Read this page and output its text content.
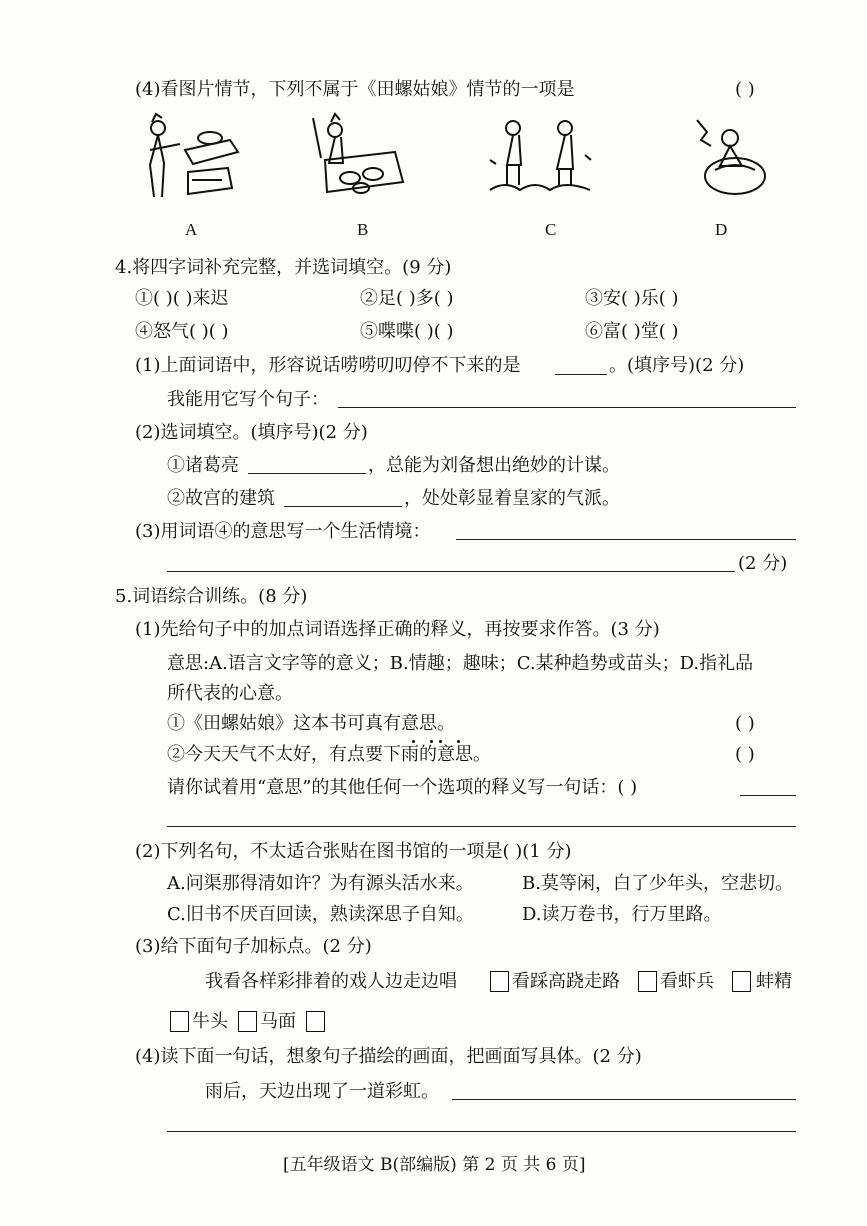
(4)看图片情节，下列不属于《田螺姑娘》情节的一项是	( )
A	B	C	D
4.将四字词补充完整，并选词填空。(9 分)
①( )( )来迟	②足( )多( )	③安( )乐( )
④怒气( )( )	⑤喋喋( )( )	⑥富( )堂( )
(1)上面词语中，形容说话唠唠叨叨停不下来的是	。(填序号)(2 分)
我能用它写个句子：
(2)选词填空。(填序号)(2 分)
①诸葛亮	，总能为刘备想出绝妙的计谋。
②故宫的建筑	，处处彰显着皇家的气派。
(3)用词语④的意思写一个生活情境：
(2 分)
5.词语综合训练。(8 分)
(1)先给句子中的加点词语选择正确的释义，再按要求作答。(3 分)
意思:A.语言文字等的意义；B.情趣；趣味；C.某种趋势或苗头；D.指礼品
所代表的心意。
①《田螺姑娘》这本书可真有意思。	( )
②今天天气不太好，有点要下雨的意思。	( )
请你试着用“意思”的其他任何一个选项的释义写一句话：( )
(2)下列名句，不太适合张贴在图书馆的一项是( )(1 分)
A.问渠那得清如许？为有源头活水来。	B.莫等闲，白了少年头，空悲切。
C.旧书不厌百回读，熟读深思子自知。	D.读万卷书，行万里路。
(3)给下面句子加标点。(2 分)
我看各样彩排着的戏人边走边唱	看踩高跷走路 看虾兵 蚌精
牛头 马面
(4)读下面一句话，想象句子描绘的画面，把画面写具体。(2 分)
雨后，天边出现了一道彩虹。
[五年级语文 B(部编版) 第 2 页 共 6 页]
